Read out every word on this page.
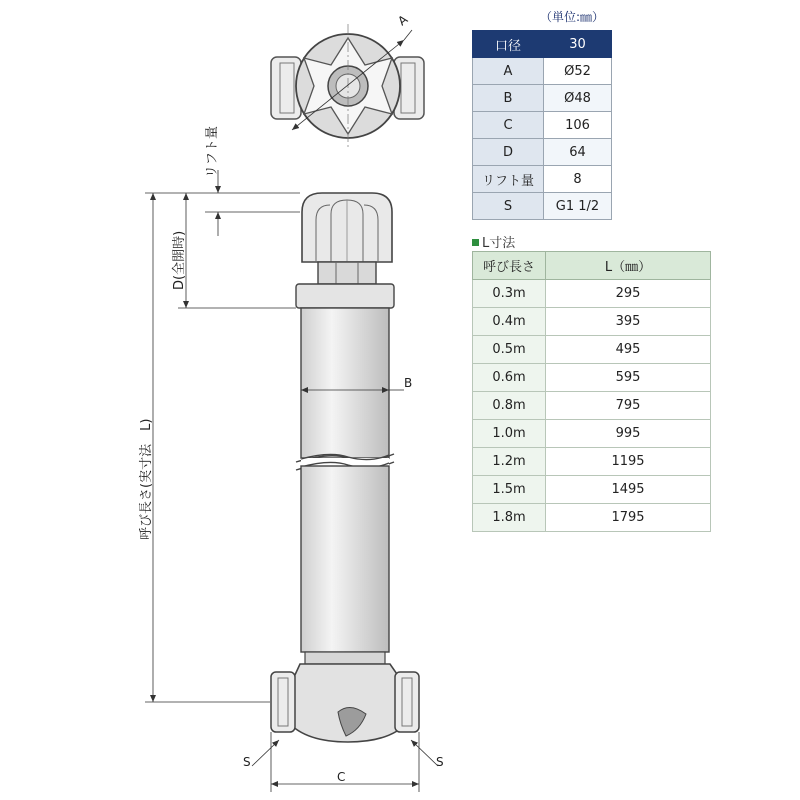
A
B
C
S	S
リフト量
D(全開時)
呼び長さ(実寸法　L)
（単位:㎜）
口径	30
A	Ø52
B	Ø48
C	106
D	64
リフト量	8
S	G1 1/2
L寸法
呼び長さ	L（㎜）
0.3m	295
0.4m	395
0.5m	495
0.6m	595
0.8m	795
1.0m	995
1.2m	1195
1.5m	1495
1.8m	1795
